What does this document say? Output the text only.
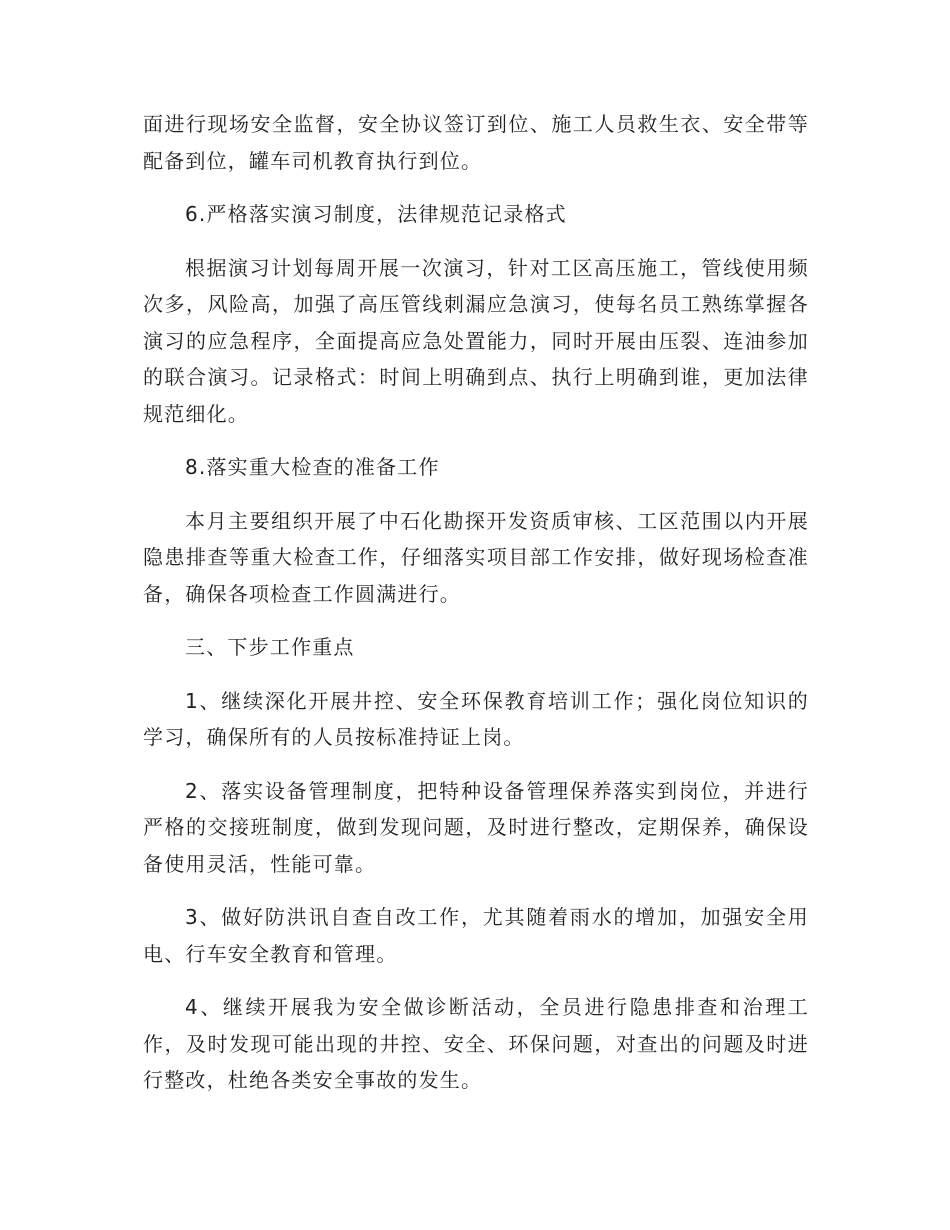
面进行现场安全监督，安全协议签订到位、施工人员救生衣、安全带等配备到位，罐车司机教育执行到位。

6.严格落实演习制度，法律规范记录格式

根据演习计划每周开展一次演习，针对工区高压施工，管线使用频次多，风险高，加强了高压管线刺漏应急演习，使每名员工熟练掌握各演习的应急程序，全面提高应急处置能力，同时开展由压裂、连油参加的联合演习。记录格式：时间上明确到点、执行上明确到谁，更加法律规范细化。

8.落实重大检查的准备工作

本月主要组织开展了中石化勘探开发资质审核、工区范围以内开展隐患排查等重大检查工作，仔细落实项目部工作安排，做好现场检查准备，确保各项检查工作圆满进行。

三、下步工作重点

1、继续深化开展井控、安全环保教育培训工作；强化岗位知识的学习，确保所有的人员按标准持证上岗。

2、落实设备管理制度，把特种设备管理保养落实到岗位，并进行严格的交接班制度，做到发现问题，及时进行整改，定期保养，确保设备使用灵活，性能可靠。

3、做好防洪讯自查自改工作，尤其随着雨水的增加，加强安全用电、行车安全教育和管理。

4、继续开展我为安全做诊断活动，全员进行隐患排查和治理工作，及时发现可能出现的井控、安全、环保问题，对查出的问题及时进行整改，杜绝各类安全事故的发生。
